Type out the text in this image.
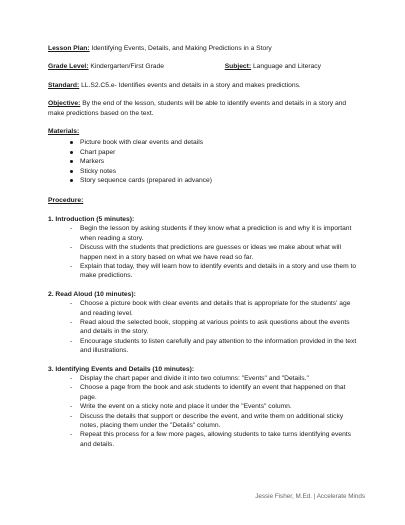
Lesson Plan: Identifying Events, Details, and Making Predictions in a Story
Grade Level: Kindergarten/First Grade	Subject: Language and Literacy
Standard: LL.S2.C5.e- Identifies events and details in a story and makes predictions.
Objective: By the end of the lesson, students will be able to identify events and details in a story and make predictions based on the text.
Materials:
Picture book with clear events and details
Chart paper
Markers
Sticky notes
Story sequence cards (prepared in advance)
Procedure:
1. Introduction (5 minutes):
- Begin the lesson by asking students if they know what a prediction is and why it is important when reading a story.
- Discuss with the students that predictions are guesses or ideas we make about what will happen next in a story based on what we have read so far.
- Explain that today, they will learn how to identify events and details in a story and use them to make predictions.
2. Read Aloud (10 minutes):
- Choose a picture book with clear events and details that is appropriate for the students' age and reading level.
- Read aloud the selected book, stopping at various points to ask questions about the events and details in the story.
- Encourage students to listen carefully and pay attention to the information provided in the text and illustrations.
3. Identifying Events and Details (10 minutes):
- Display the chart paper and divide it into two columns: "Events" and "Details."
- Choose a page from the book and ask students to identify an event that happened on that page.
- Write the event on a sticky note and place it under the "Events" column.
- Discuss the details that support or describe the event, and write them on additional sticky notes, placing them under the "Details" column.
- Repeat this process for a few more pages, allowing students to take turns identifying events and details.
Jessie Fisher, M.Ed. | Accelerate Minds
